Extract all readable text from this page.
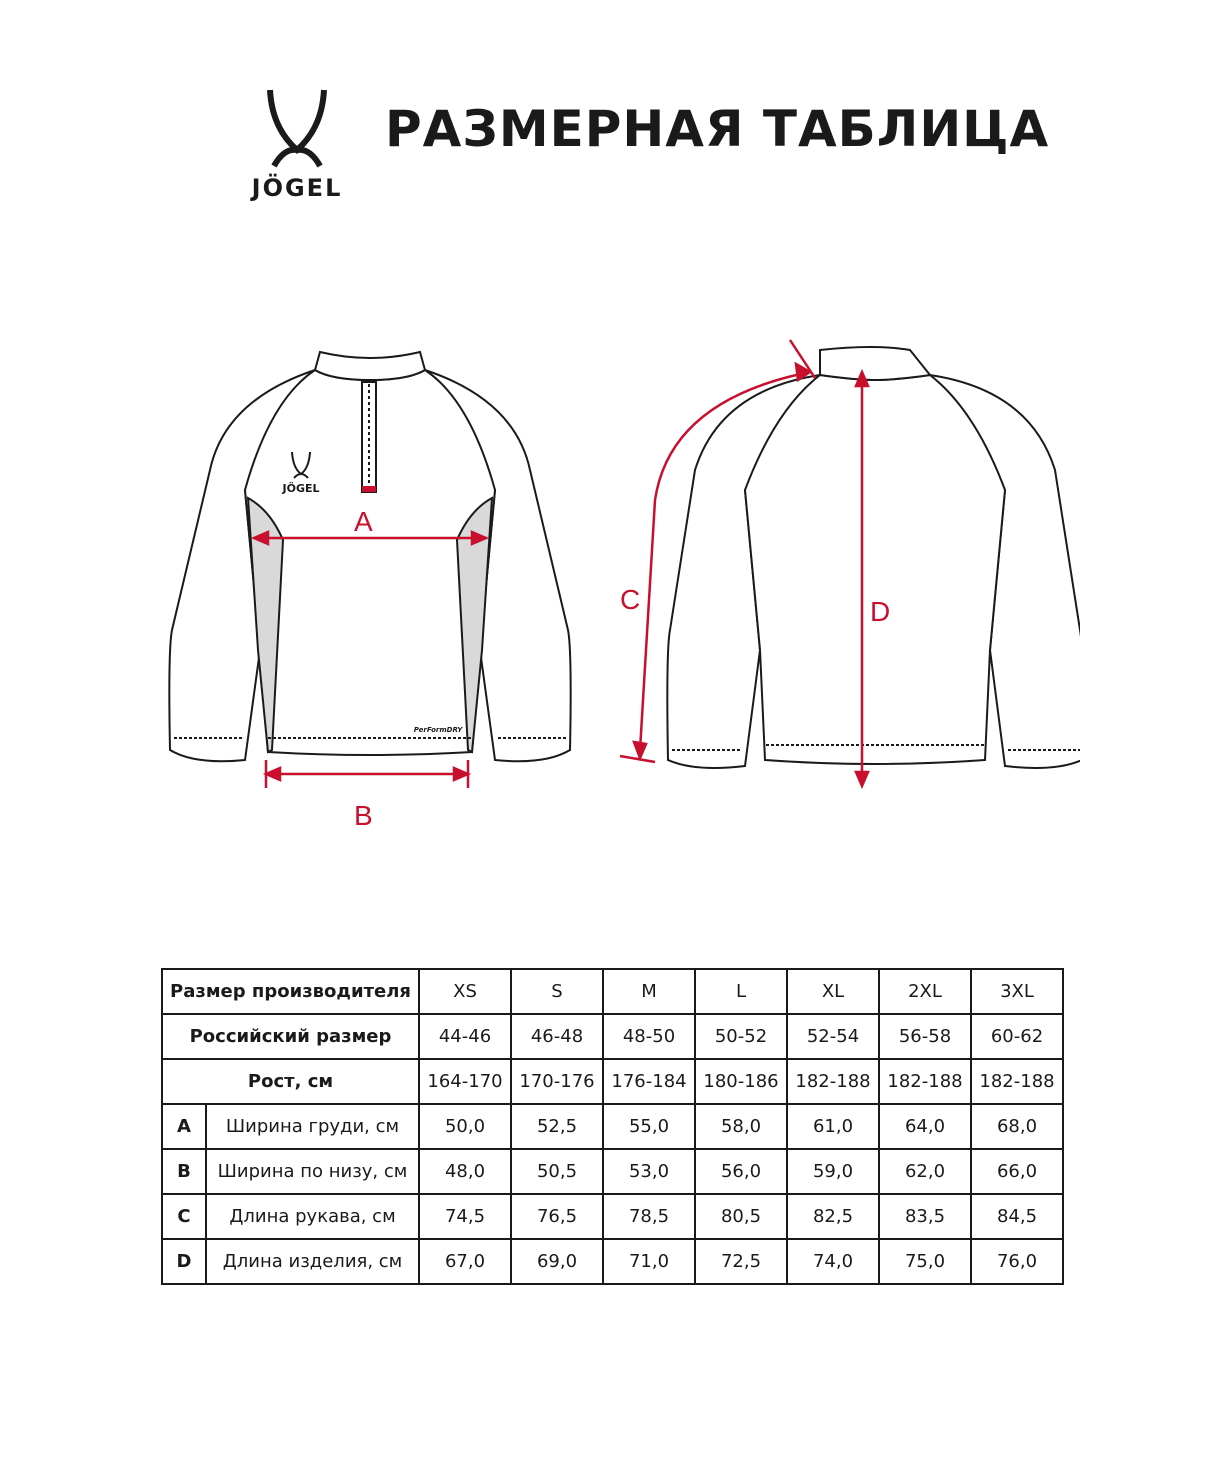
JÖGEL
РАЗМЕРНАЯ ТАБЛИЦА
JÖGEL
PerFormDRY
A
B
C	D
Размер производителя		XS	S	M	L	XL	2XL	3XL
Российский размер		44-46	46-48	48-50	50-52	52-54	56-58	60-62
Рост, см		164-170	170-176	176-184	180-186	182-188	182-188	182-188
A	Ширина груди, см	50,0	52,5	55,0	58,0	61,0	64,0	68,0
B	Ширина по низу, см	48,0	50,5	53,0	56,0	59,0	62,0	66,0
C	Длина рукава, см	74,5	76,5	78,5	80,5	82,5	83,5	84,5
D	Длина изделия, см	67,0	69,0	71,0	72,5	74,0	75,0	76,0
